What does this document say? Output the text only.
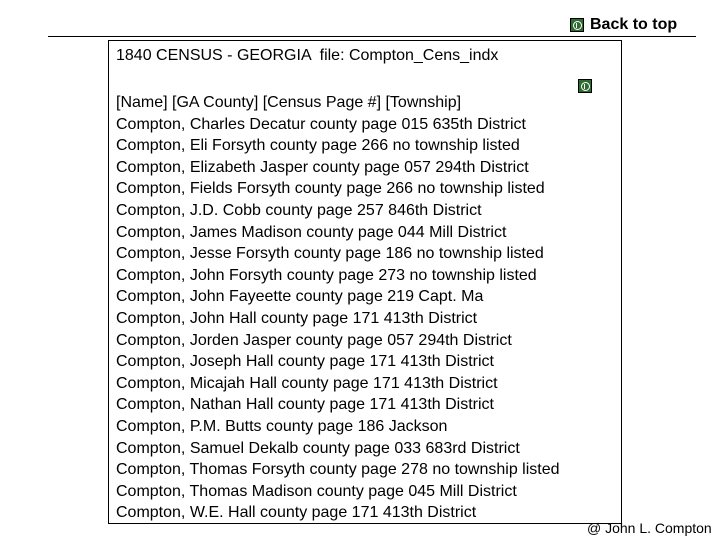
Back to top
1840 CENSUS - GEORGIA  file: Compton_Cens_indx
[Name] [GA County] [Census Page #] [Township]
Compton, Charles Decatur county page 015 635th District
Compton, Eli Forsyth county page 266 no township listed
Compton, Elizabeth Jasper county page 057 294th District
Compton, Fields Forsyth county page 266 no township listed
Compton, J.D. Cobb county page 257 846th District
Compton, James Madison county page 044 Mill District
Compton, Jesse Forsyth county page 186 no township listed
Compton, John Forsyth county page 273 no township listed
Compton, John Fayeette county page 219 Capt. Ma
Compton, John Hall county page 171 413th District
Compton, Jorden Jasper county page 057 294th District
Compton, Joseph Hall county page 171 413th District
Compton, Micajah Hall county page 171 413th District
Compton, Nathan Hall county page 171 413th District
Compton, P.M. Butts county page 186 Jackson
Compton, Samuel Dekalb county page 033 683rd District
Compton, Thomas Forsyth county page 278 no township listed
Compton, Thomas Madison county page 045 Mill District
Compton, W.E. Hall county page 171 413th District
@ John L. Compton
